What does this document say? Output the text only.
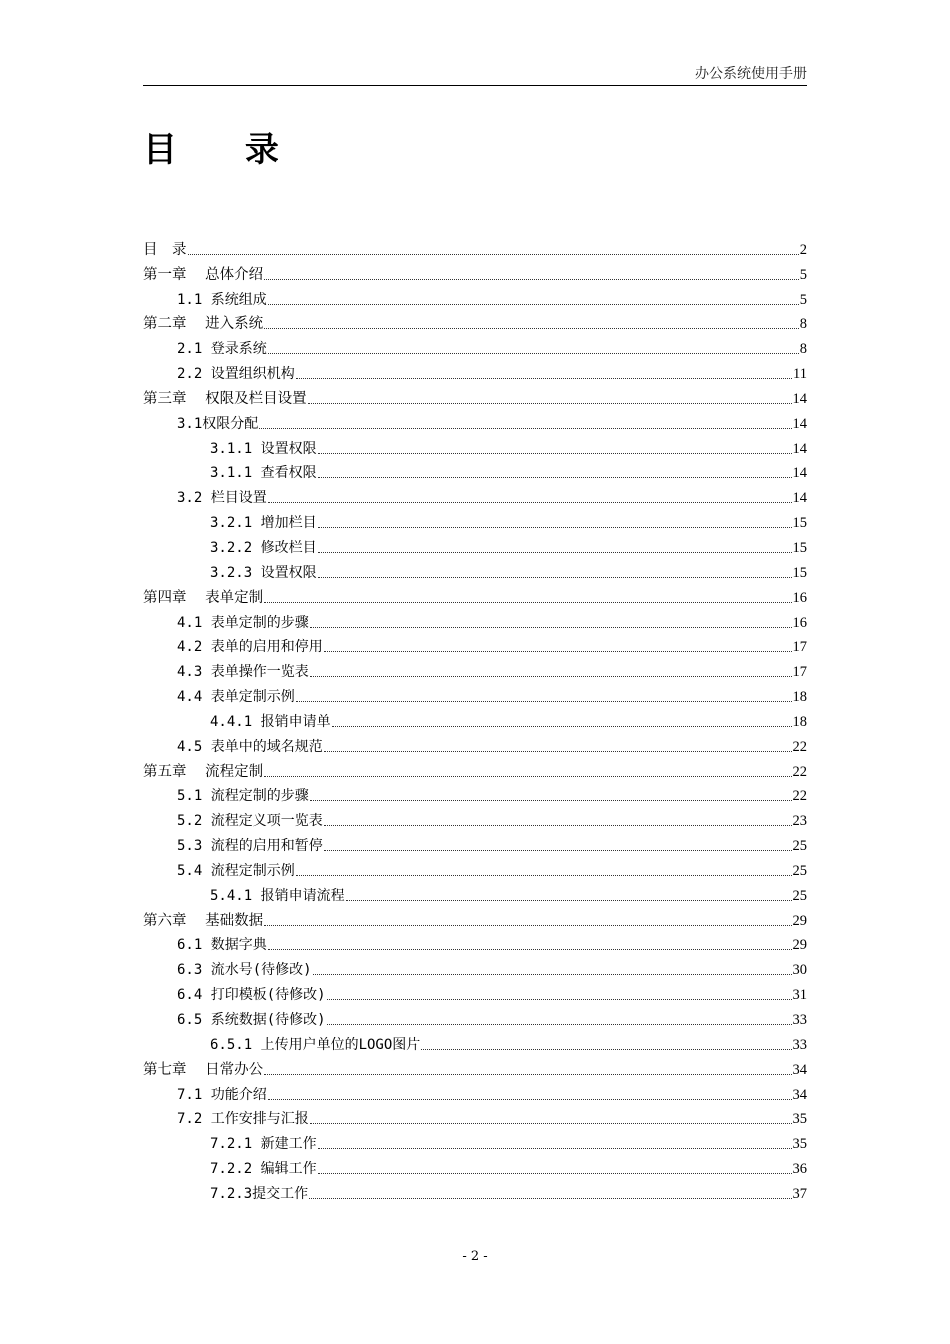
办公系统使用手册
目 录
目　录	2
第一章 总体介绍	5
1.1 系统组成	5
第二章 进入系统	8
2.1 登录系统	8
2.2 设置组织机构	11
第三章 权限及栏目设置	14
3.1权限分配	14
3.1.1 设置权限	14
3.1.1 查看权限	14
3.2 栏目设置	14
3.2.1 增加栏目	15
3.2.2 修改栏目	15
3.2.3 设置权限	15
第四章 表单定制	16
4.1 表单定制的步骤	16
4.2 表单的启用和停用	17
4.3 表单操作一览表	17
4.4 表单定制示例	18
4.4.1 报销申请单	18
4.5 表单中的域名规范	22
第五章 流程定制	22
5.1 流程定制的步骤	22
5.2 流程定义项一览表	23
5.3 流程的启用和暂停	25
5.4 流程定制示例	25
5.4.1 报销申请流程	25
第六章 基础数据	29
6.1 数据字典	29
6.3 流水号(待修改)	30
6.4 打印模板(待修改)	31
6.5 系统数据(待修改)	33
6.5.1 上传用户单位的LOGO图片	33
第七章 日常办公	34
7.1 功能介绍	34
7.2 工作安排与汇报	35
7.2.1 新建工作	35
7.2.2 编辑工作	36
7.2.3提交工作	37
- 2 -
